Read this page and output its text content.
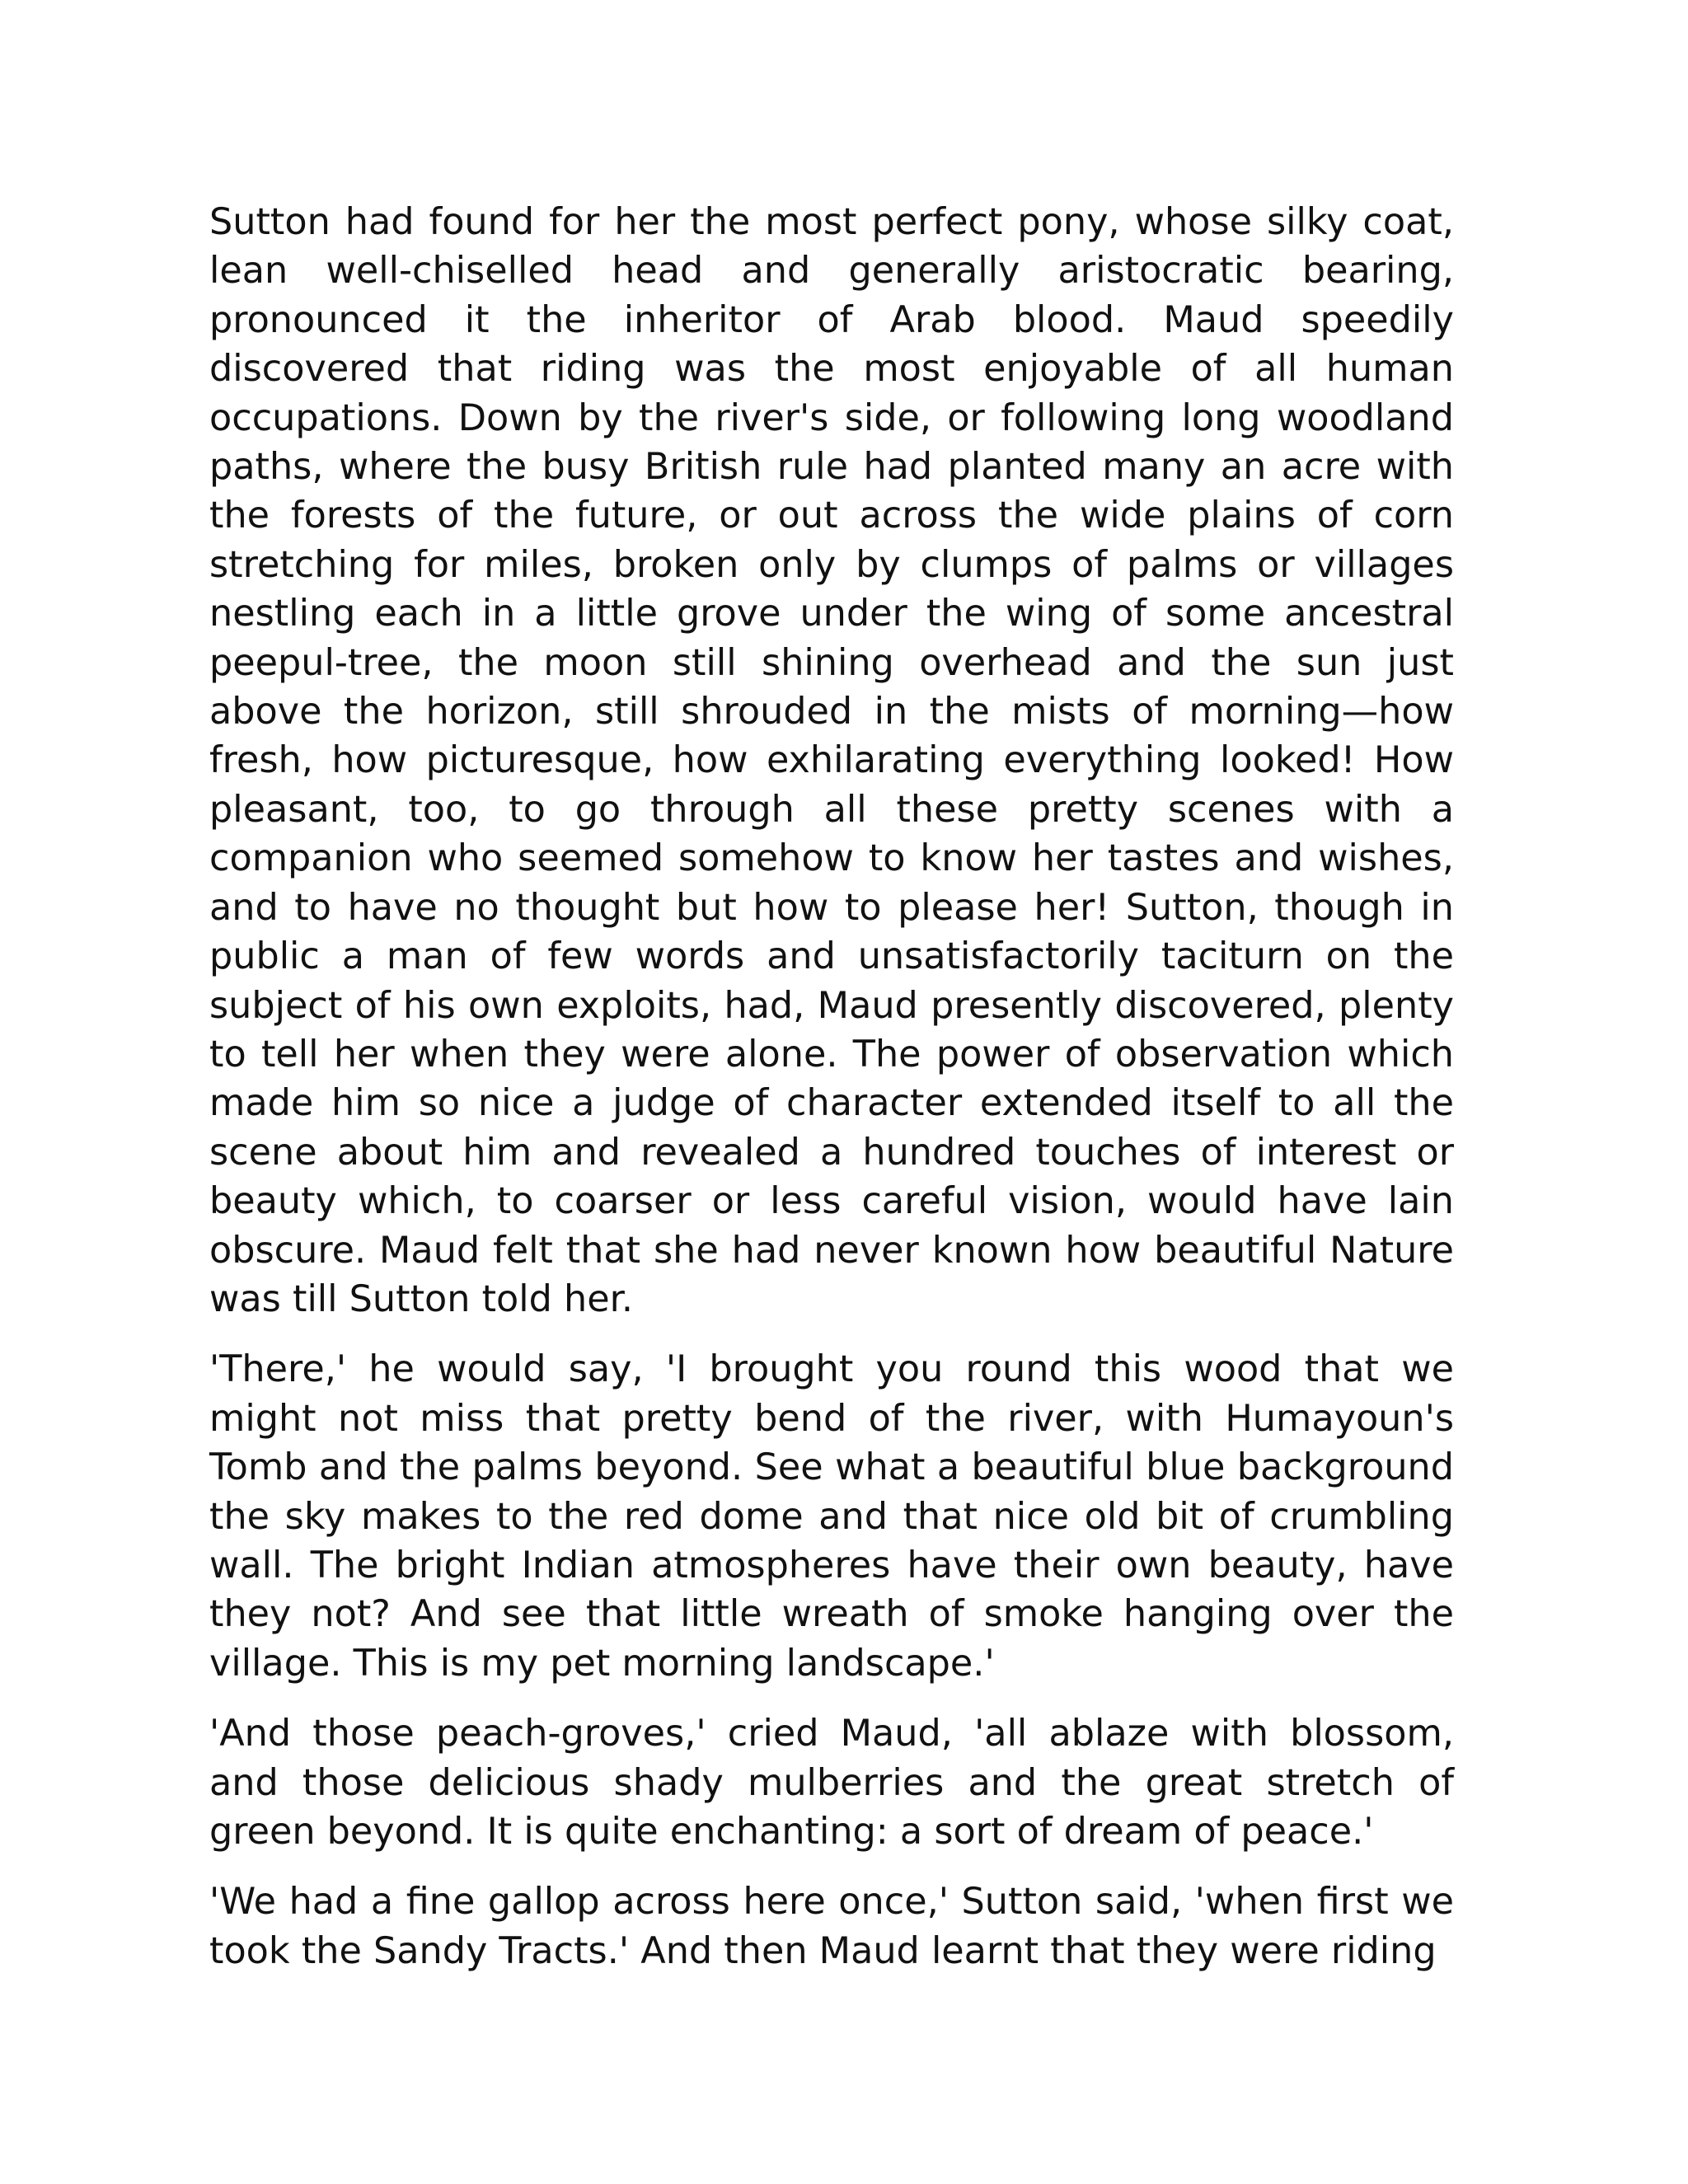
Sutton had found for her the most perfect pony, whose silky coat, lean well-chiselled head and generally aristocratic bearing, pronounced it the inheritor of Arab blood. Maud speedily discovered that riding was the most enjoyable of all human occupations. Down by the river's side, or following long woodland paths, where the busy British rule had planted many an acre with the forests of the future, or out across the wide plains of corn stretching for miles, broken only by clumps of palms or villages nestling each in a little grove under the wing of some ancestral peepul-tree, the moon still shining overhead and the sun just above the horizon, still shrouded in the mists of morning—how fresh, how picturesque, how exhilarating everything looked! How pleasant, too, to go through all these pretty scenes with a companion who seemed somehow to know her tastes and wishes, and to have no thought but how to please her! Sutton, though in public a man of few words and unsatisfactorily taciturn on the subject of his own exploits, had, Maud presently discovered, plenty to tell her when they were alone. The power of observation which made him so nice a judge of character extended itself to all the scene about him and revealed a hundred touches of interest or beauty which, to coarser or less careful vision, would have lain obscure. Maud felt that she had never known how beautiful Nature was till Sutton told her.

'There,' he would say, 'I brought you round this wood that we might not miss that pretty bend of the river, with Humayoun's Tomb and the palms beyond. See what a beautiful blue background the sky makes to the red dome and that nice old bit of crumbling wall. The bright Indian atmospheres have their own beauty, have they not? And see that little wreath of smoke hanging over the village. This is my pet morning landscape.'

'And those peach-groves,' cried Maud, 'all ablaze with blossom, and those delicious shady mulberries and the great stretch of green beyond. It is quite enchanting: a sort of dream of peace.'

'We had a fine gallop across here once,' Sutton said, 'when first we took the Sandy Tracts.' And then Maud learnt that they were riding
